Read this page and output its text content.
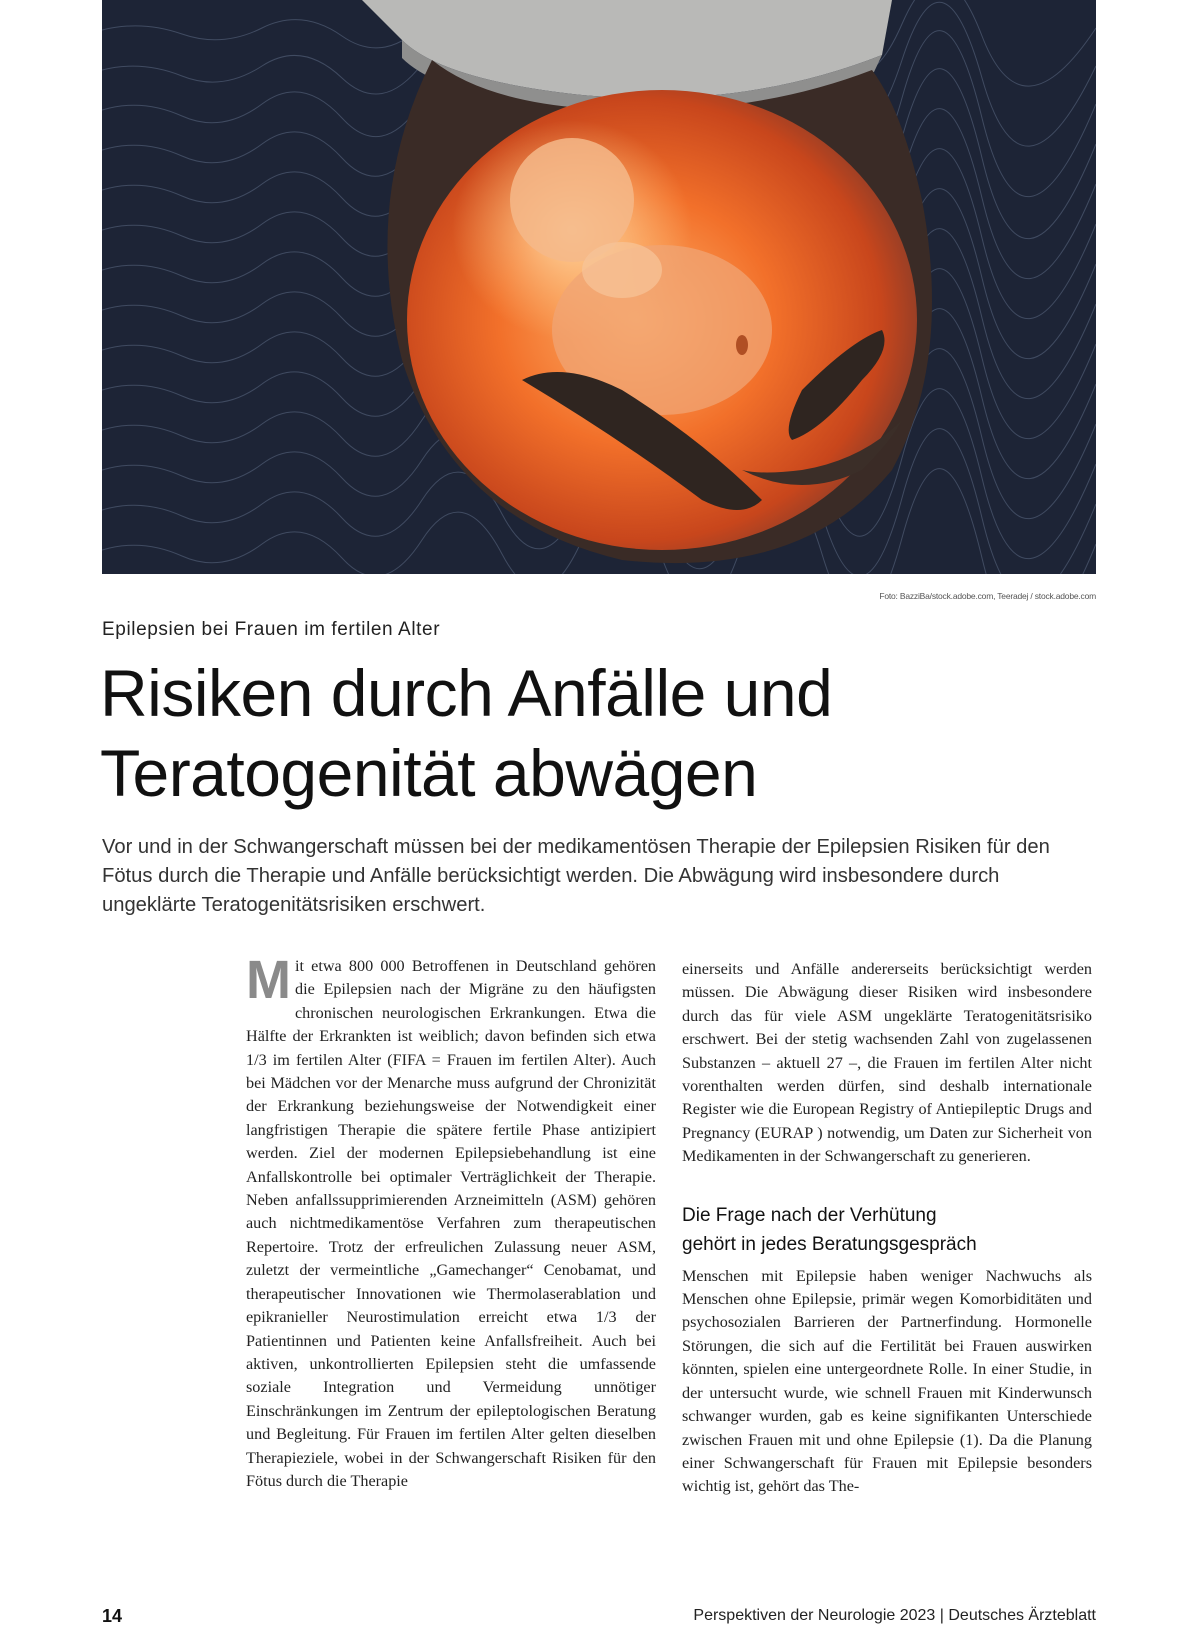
Foto: BazziBa/stock.adobe.com, Teeradej / stock.adobe.com
Epilepsien bei Frauen im fertilen Alter
Risiken durch Anfälle und
Teratogenität abwägen

Vor und in der Schwangerschaft müssen bei der medikamentösen Therapie der Epilepsien Risiken für den Fötus durch die Therapie und Anfälle berücksichtigt werden. Die Abwägung wird insbesondere durch ungeklärte Teratogenitätsrisiken erschwert.

Mit etwa 800 000 Betroffenen in Deutschland gehören die Epilepsien nach der Migräne zu den häufigsten chronischen neurologischen Erkrankungen. Etwa die Hälfte der Erkrankten ist weiblich; davon befinden sich etwa 1/3 im fertilen Alter (FIFA = Frauen im fertilen Alter). Auch bei Mädchen vor der Menarche muss aufgrund der Chronizität der Erkrankung beziehungsweise der Notwendigkeit einer langfristigen Therapie die spätere fertile Phase antizipiert werden. Ziel der modernen Epilepsiebehandlung ist eine Anfallskontrolle bei optimaler Verträglichkeit der Therapie. Neben anfallssupprimierenden Arzneimitteln (ASM) gehören auch nichtmedikamentöse Verfahren zum therapeutischen Repertoire. Trotz der erfreulichen Zulassung neuer ASM, zuletzt der vermeintliche „Gamechanger“ Cenobamat, und therapeutischer Innovationen wie Thermolaserablation und epikranieller Neurostimulation erreicht etwa 1/3 der Patientinnen und Patienten keine Anfallsfreiheit. Auch bei aktiven, unkontrollierten Epilepsien steht die umfassende soziale Integration und Vermeidung unnötiger Einschränkungen im Zentrum der epileptologischen Beratung und Begleitung. Für Frauen im fertilen Alter gelten dieselben Therapieziele, wobei in der Schwangerschaft Risiken für den Fötus durch die Therapie

einerseits und Anfälle andererseits berücksichtigt werden müssen. Die Abwägung dieser Risiken wird insbesondere durch das für viele ASM ungeklärte Teratogenitätsrisiko erschwert. Bei der stetig wachsenden Zahl von zugelassenen Substanzen – aktuell 27 –, die Frauen im fertilen Alter nicht vorenthalten werden dürfen, sind deshalb internationale Register wie die European Registry of Antiepileptic Drugs and Pregnancy (EURAP ) notwendig, um Daten zur Sicherheit von Medikamenten in der Schwangerschaft zu generieren.

Die Frage nach der Verhütung
gehört in jedes Beratungsgespräch

Menschen mit Epilepsie haben weniger Nachwuchs als Menschen ohne Epilepsie, primär wegen Komorbiditäten und psychosozialen Barrieren der Partnerfindung. Hormonelle Störungen, die sich auf die Fertilität bei Frauen auswirken könnten, spielen eine untergeordnete Rolle. In einer Studie, in der untersucht wurde, wie schnell Frauen mit Kinderwunsch schwanger wurden, gab es keine signifikanten Unterschiede zwischen Frauen mit und ohne Epilepsie (1). Da die Planung einer Schwangerschaft für Frauen mit Epilepsie besonders wichtig ist, gehört das The-

14	Perspektiven der Neurologie 2023 | Deutsches Ärzteblatt
